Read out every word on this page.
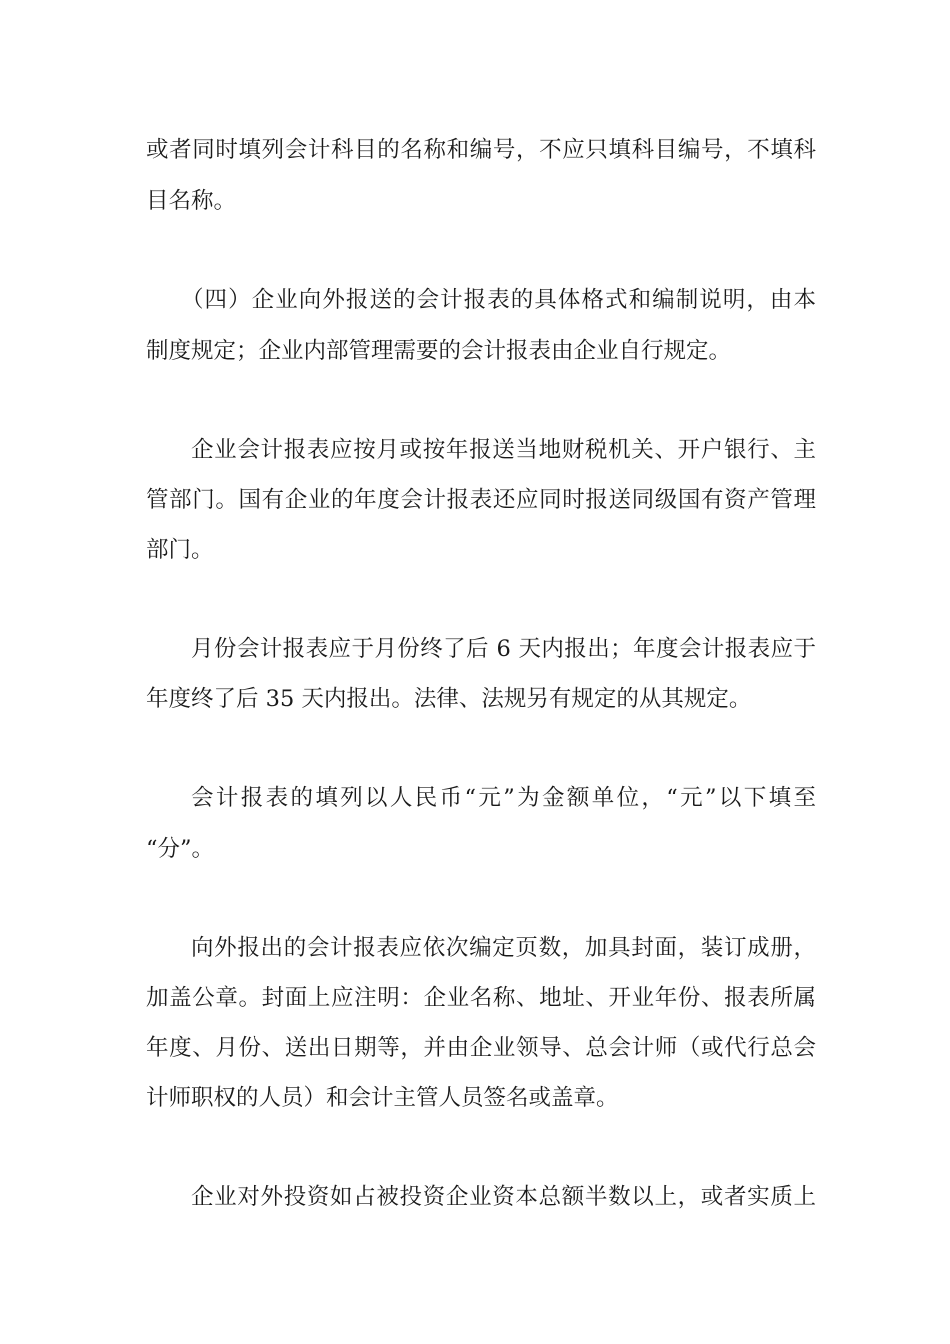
或者同时填列会计科目的名称和编号，不应只填科目编号，不填科
目名称。
（四）企业向外报送的会计报表的具体格式和编制说明，由本
制度规定；企业内部管理需要的会计报表由企业自行规定。
企业会计报表应按月或按年报送当地财税机关、开户银行、主
管部门。国有企业的年度会计报表还应同时报送同级国有资产管理
部门。
月份会计报表应于月份终了后 6 天内报出；年度会计报表应于
年度终了后 35 天内报出。法律、法规另有规定的从其规定。
会计报表的填列以人民币“元”为金额单位，“元”以下填至
“分”。
向外报出的会计报表应依次编定页数，加具封面，装订成册，
加盖公章。封面上应注明：企业名称、地址、开业年份、报表所属
年度、月份、送出日期等，并由企业领导、总会计师（或代行总会
计师职权的人员）和会计主管人员签名或盖章。
企业对外投资如占被投资企业资本总额半数以上，或者实质上
